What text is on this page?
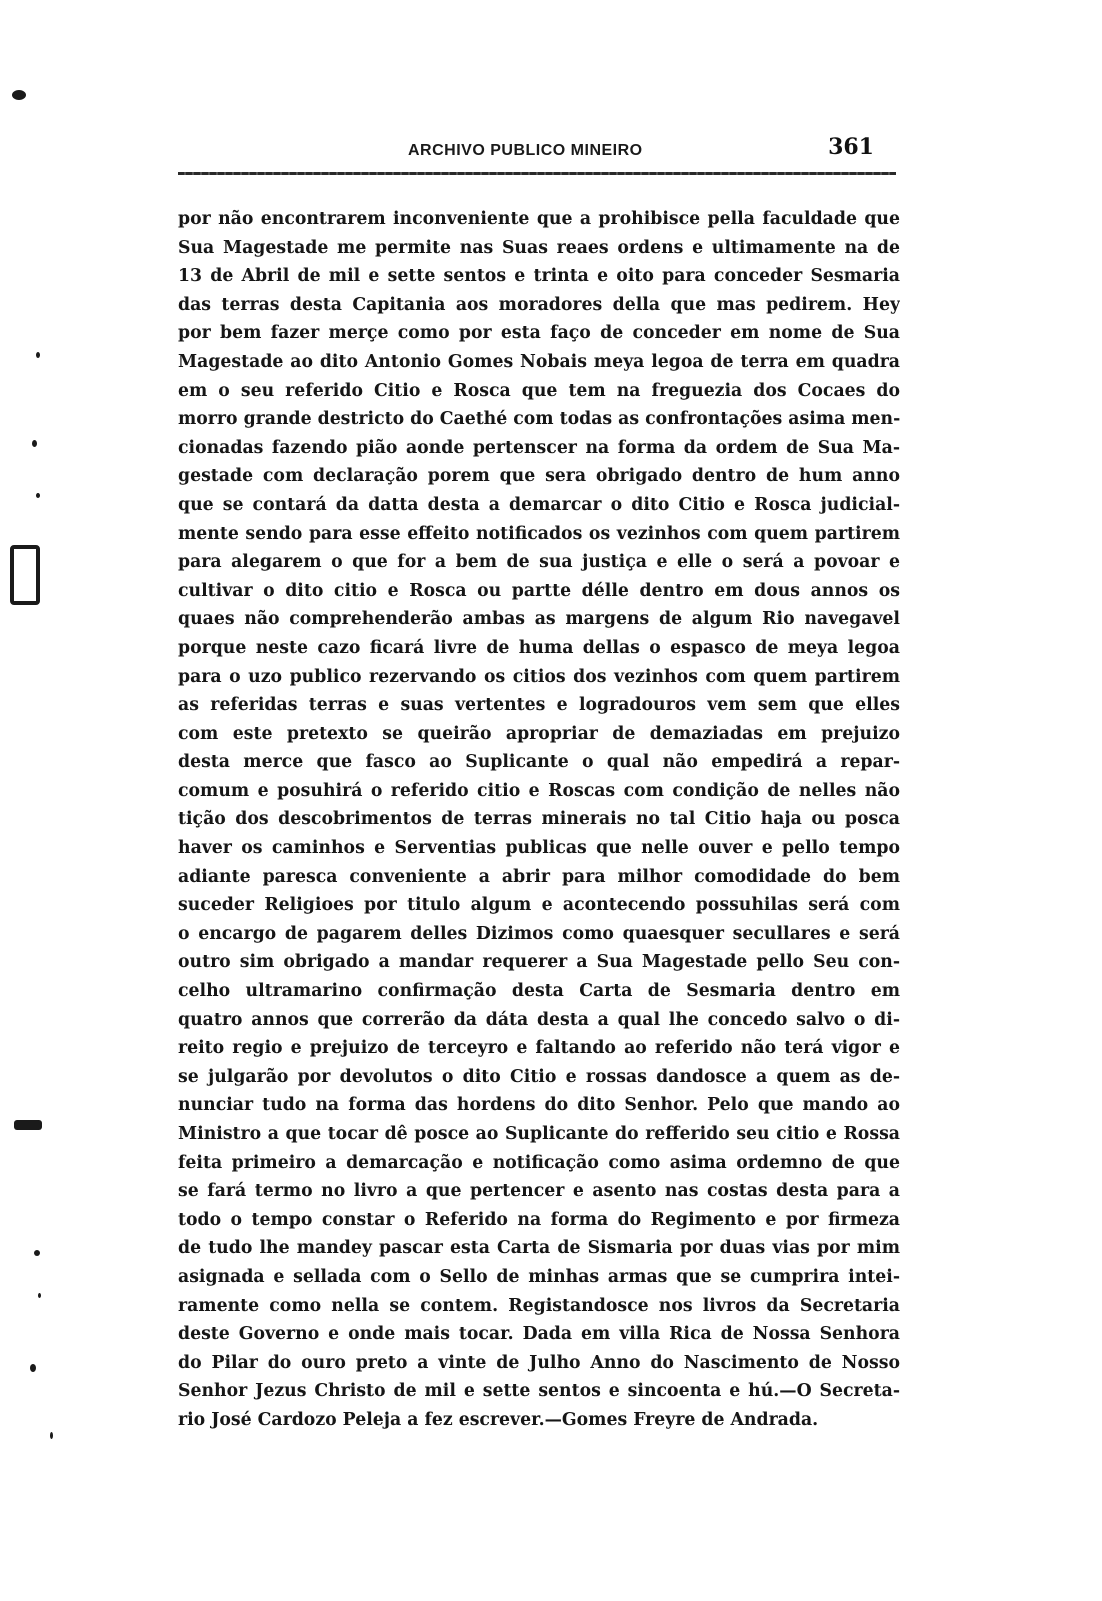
ARCHIVO PUBLICO MINEIRO	361
por não encontrarem inconveniente que a prohibisce pella faculdade que
Sua Magestade me permite nas Suas reaes ordens e ultimamente na de
13 de Abril de mil e sette sentos e trinta e oito para conceder Sesmaria
das terras desta Capitania aos moradores della que mas pedirem. Hey
por bem fazer merçe como por esta faço de conceder em nome de Sua
Magestade ao dito Antonio Gomes Nobais meya legoa de terra em quadra
em o seu referido Citio e Rosca que tem na freguezia dos Cocaes do
morro grande destricto do Caethé com todas as confrontações asima men-
cionadas fazendo pião aonde pertenscer na forma da ordem de Sua Ma-
gestade com declaração porem que sera obrigado dentro de hum anno
que se contará da datta desta a demarcar o dito Citio e Rosca judicial-
mente sendo para esse effeito notificados os vezinhos com quem partirem
para alegarem o que for a bem de sua justiça e elle o será a povoar e
cultivar o dito citio e Rosca ou partte délle dentro em dous annos os
quaes não comprehenderão ambas as margens de algum Rio navegavel
porque neste cazo ficará livre de huma dellas o espasco de meya legoa
para o uzo publico rezervando os citios dos vezinhos com quem partirem
as referidas terras e suas vertentes e logradouros vem sem que elles
com este pretexto se queirão apropriar de demaziadas em prejuizo
desta merce que fasco ao Suplicante o qual não empedirá a repar-
comum e posuhirá o referido citio e Roscas com condição de nelles não
tição dos descobrimentos de terras minerais no tal Citio haja ou posca
haver os caminhos e Serventias publicas que nelle ouver e pello tempo
adiante paresca conveniente a abrir para milhor comodidade do bem
suceder Religioes por titulo algum e acontecendo possuhilas será com
o encargo de pagarem delles Dizimos como quaesquer secullares e será
outro sim obrigado a mandar requerer a Sua Magestade pello Seu con-
celho ultramarino confirmação desta Carta de Sesmaria dentro em
quatro annos que correrão da dáta desta a qual lhe concedo salvo o di-
reito regio e prejuizo de terceyro e faltando ao referido não terá vigor e
se julgarão por devolutos o dito Citio e rossas dandosce a quem as de-
nunciar tudo na forma das hordens do dito Senhor. Pelo que mando ao
Ministro a que tocar dê posce ao Suplicante do refferido seu citio e Rossa
feita primeiro a demarcação e notificação como asima ordemno de que
se fará termo no livro a que pertencer e asento nas costas desta para a
todo o tempo constar o Referido na forma do Regimento e por firmeza
de tudo lhe mandey pascar esta Carta de Sismaria por duas vias por mim
asignada e sellada com o Sello de minhas armas que se cumprira intei-
ramente como nella se contem. Registandosce nos livros da Secretaria
deste Governo e onde mais tocar. Dada em villa Rica de Nossa Senhora
do Pilar do ouro preto a vinte de Julho Anno do Nascimento de Nosso
Senhor Jezus Christo de mil e sette sentos e sincoenta e hú.—O Secreta-
rio José Cardozo Peleja a fez escrever.—Gomes Freyre de Andrada.
